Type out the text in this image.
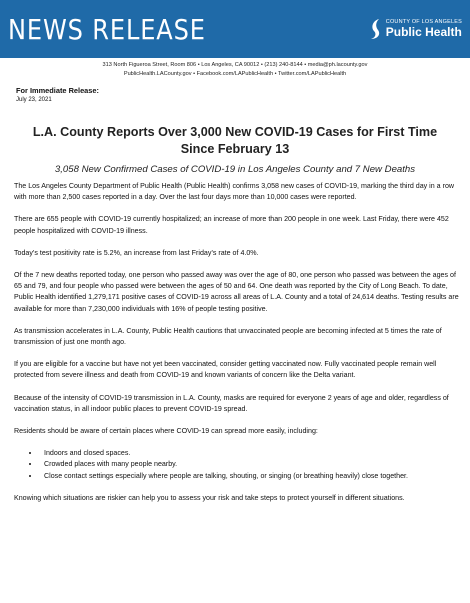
NEWS RELEASE	COUNTY OF LOS ANGELES
Public Health
313 North Figueroa Street, Room 806 • Los Angeles, CA 90012 • (213) 240-8144 • media@ph.lacounty.gov
PublicHealth.LACounty.gov • Facebook.com/LAPublicHealth • Twitter.com/LAPublicHealth
For Immediate Release:
July 23, 2021
L.A. County Reports Over 3,000 New COVID-19 Cases for First Time Since February 13
3,058 New Confirmed Cases of COVID-19 in Los Angeles County and 7 New Deaths

The Los Angeles County Department of Public Health (Public Health) confirms 3,058 new cases of COVID-19, marking the third day in a row with more than 2,500 cases reported in a day. Over the last four days more than 10,000 cases were reported.

There are 655 people with COVID-19 currently hospitalized; an increase of more than 200 people in one week. Last Friday, there were 452 people hospitalized with COVID-19 illness.

Today’s test positivity rate is 5.2%, an increase from last Friday’s rate of 4.0%.

Of the 7 new deaths reported today, one person who passed away was over the age of 80, one person who passed was between the ages of 65 and 79, and four people who passed were between the ages of 50 and 64. One death was reported by the City of Long Beach. To date, Public Health identified 1,279,171 positive cases of COVID-19 across all areas of L.A. County and a total of 24,614 deaths. Testing results are available for more than 7,230,000 individuals with 16% of people testing positive.

As transmission accelerates in L.A. County, Public Health cautions that unvaccinated people are becoming infected at 5 times the rate of transmission of just one month ago.

If you are eligible for a vaccine but have not yet been vaccinated, consider getting vaccinated now. Fully vaccinated people remain well protected from severe illness and death from COVID-19 and known variants of concern like the Delta variant.

Because of the intensity of COVID-19 transmission in L.A. County, masks are required for everyone 2 years of age and older, regardless of vaccination status, in all indoor public places to prevent COVID-19 spread.

Residents should be aware of certain places where COVID-19 can spread more easily, including:

• Indoors and closed spaces.
• Crowded places with many people nearby.
• Close contact settings especially where people are talking, shouting, or singing (or breathing heavily) close together.

Knowing which situations are riskier can help you to assess your risk and take steps to protect yourself in different situations.
